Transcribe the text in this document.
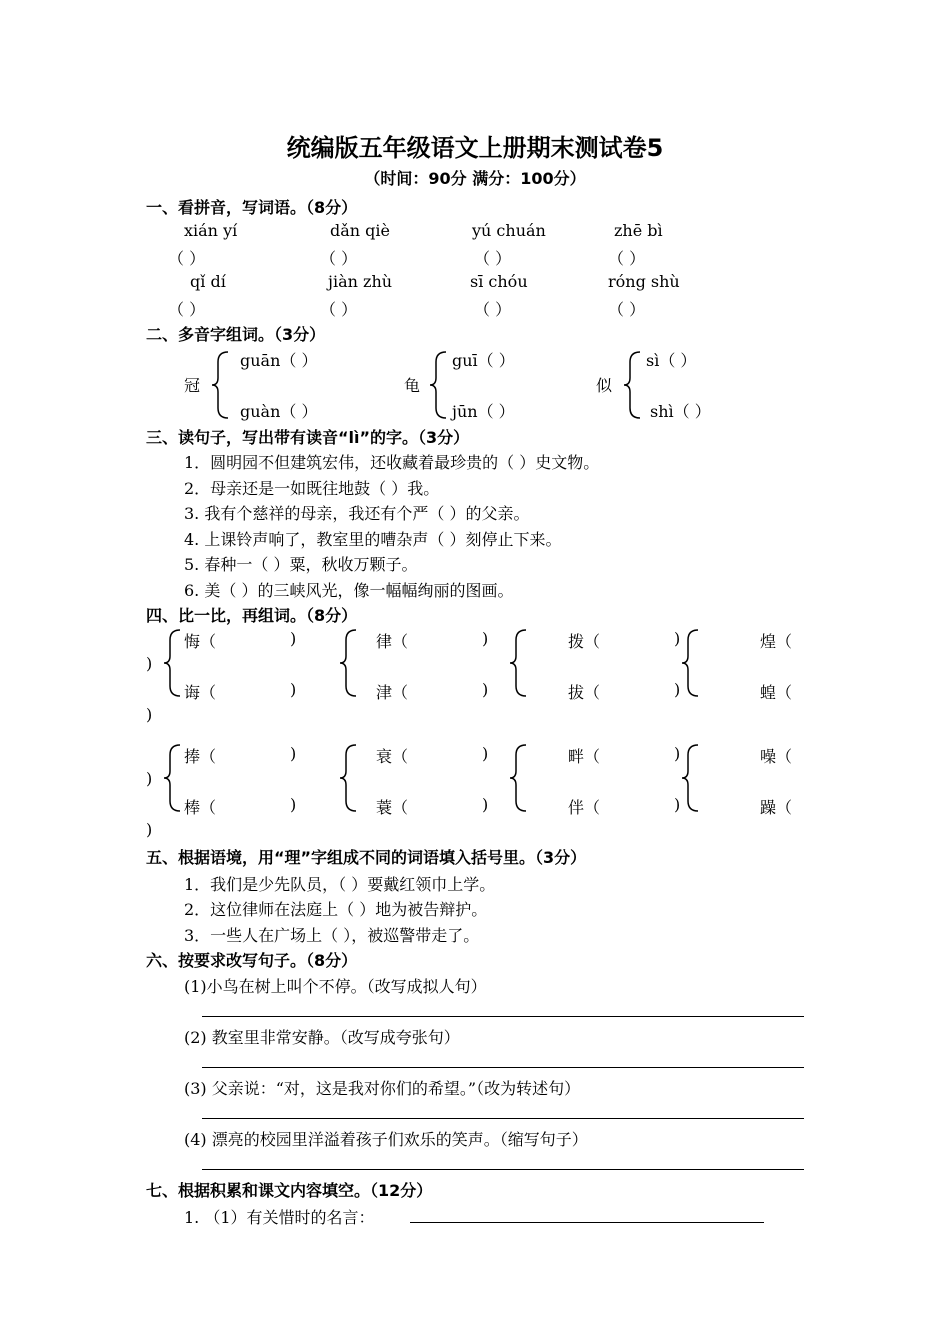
统编版五年级语文上册期末测试卷5
（时间：90分 满分：100分）
一、看拼音，写词语。（8分）
xián yí	dǎn qiè	yú chuán	zhē bì
（ ）	（ ）	（ ）	（ ）
qǐ dí	jiàn zhù	sī chóu	róng shù
（ ）	（ ）	（ ）	（ ）
二、多音字组词。（3分）
冠
guān（ ）
guàn（ ）
龟
guī（ ）
jūn（ ）
似
sì（ ）
shì（ ）
三、读句子，写出带有读音“lì”的字。（3分）
1．圆明园不但建筑宏伟，还收藏着最珍贵的（ ）史文物。
2．母亲还是一如既往地鼓（ ）我。
3. 我有个慈祥的母亲，我还有个严（ ）的父亲。
4. 上课铃声响了，教室里的嘈杂声（ ）刻停止下来。
5. 春种一（ ）粟，秋收万颗子。
6. 美（ ）的三峡风光，像一幅幅绚丽的图画。
四、比一比，再组词。（8分）
悔（	)
诲（	)
律（	)
津（	)
拨（	)
拔（	)
煌（
)
蝗（
)
捧（	)
棒（	)
衰（	)
蓑（	)
畔（	)
伴（	)
噪（
)
躁（
)
五、根据语境，用“理”字组成不同的词语填入括号里。（3分）
1．我们是少先队员，（ ）要戴红领巾上学。
2．这位律师在法庭上（ ）地为被告辩护。
3．一些人在广场上（ ），被巡警带走了。
六、按要求改写句子。（8分）
(1)小鸟在树上叫个不停。（改写成拟人句）
(2) 教室里非常安静。（改写成夸张句）
(3) 父亲说：“对，这是我对你们的希望。”（改为转述句）
(4) 漂亮的校园里洋溢着孩子们欢乐的笑声。（缩写句子）
七、根据积累和课文内容填空。（12分）
1. （1）有关惜时的名言：
